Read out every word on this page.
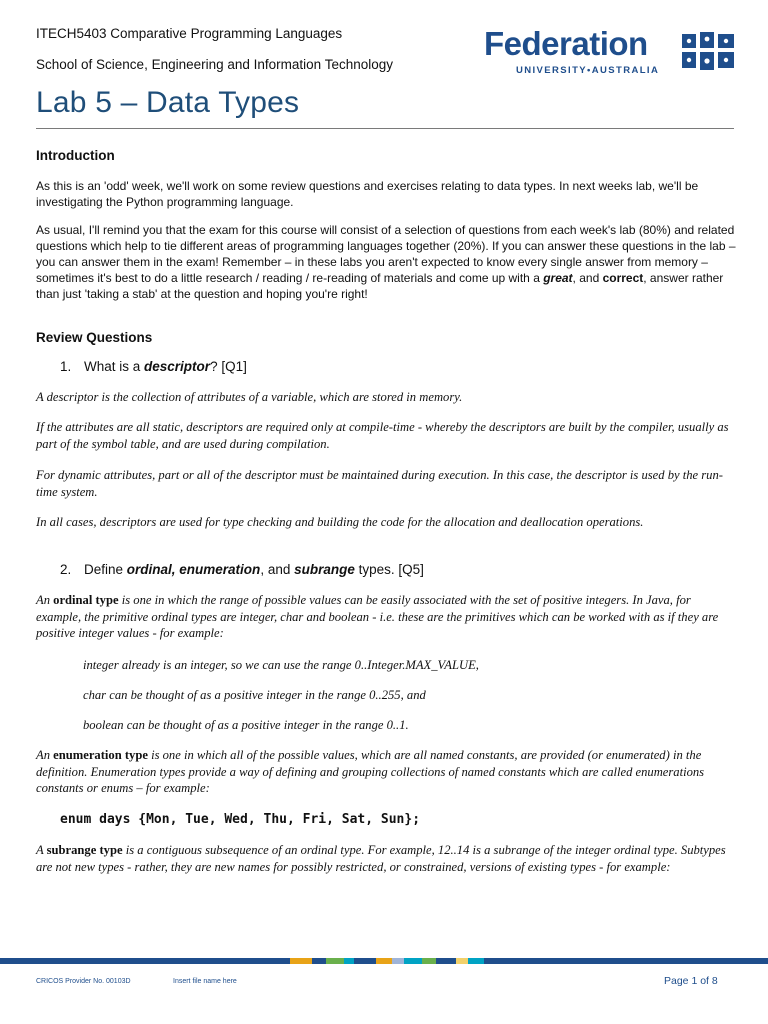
ITECH5403 Comparative Programming Languages
School of Science, Engineering and Information Technology
Federation
UNIVERSITY•AUSTRALIA
Lab 5 – Data Types
Introduction
As this is an 'odd' week, we'll work on some review questions and exercises relating to data types. In next weeks lab, we'll be investigating the Python programming language.
As usual, I'll remind you that the exam for this course will consist of a selection of questions from each week's lab (80%) and related questions which help to tie different areas of programming languages together (20%). If you can answer these questions in the lab – you can answer them in the exam! Remember – in these labs you aren't expected to know every single answer from memory – sometimes it's best to do a little research / reading / re-reading of materials and come up with a great, and correct, answer rather than just 'taking a stab' at the question and hoping you're right!
Review Questions
1. What is a descriptor? [Q1]
A descriptor is the collection of attributes of a variable, which are stored in memory.
If the attributes are all static, descriptors are required only at compile-time - whereby the descriptors are built by the compiler, usually as part of the symbol table, and are used during compilation.
For dynamic attributes, part or all of the descriptor must be maintained during execution. In this case, the descriptor is used by the run-time system.
In all cases, descriptors are used for type checking and building the code for the allocation and deallocation operations.
2. Define ordinal, enumeration, and subrange types. [Q5]
An ordinal type is one in which the range of possible values can be easily associated with the set of positive integers. In Java, for example, the primitive ordinal types are integer, char and boolean - i.e. these are the primitives which can be worked with as if they are positive integer values - for example:
integer already is an integer, so we can use the range 0..Integer.MAX_VALUE,
char can be thought of as a positive integer in the range 0..255, and
boolean can be thought of as a positive integer in the range 0..1.
An enumeration type is one in which all of the possible values, which are all named constants, are provided (or enumerated) in the definition. Enumeration types provide a way of defining and grouping collections of named constants which are called enumerations constants or enums – for example:
enum days {Mon, Tue, Wed, Thu, Fri, Sat, Sun};
A subrange type is a contiguous subsequence of an ordinal type. For example, 12..14 is a subrange of the integer ordinal type. Subtypes are not new types - rather, they are new names for possibly restricted, or constrained, versions of existing types - for example:
CRICOS Provider No. 00103D	Insert file name here	Page 1 of 8
